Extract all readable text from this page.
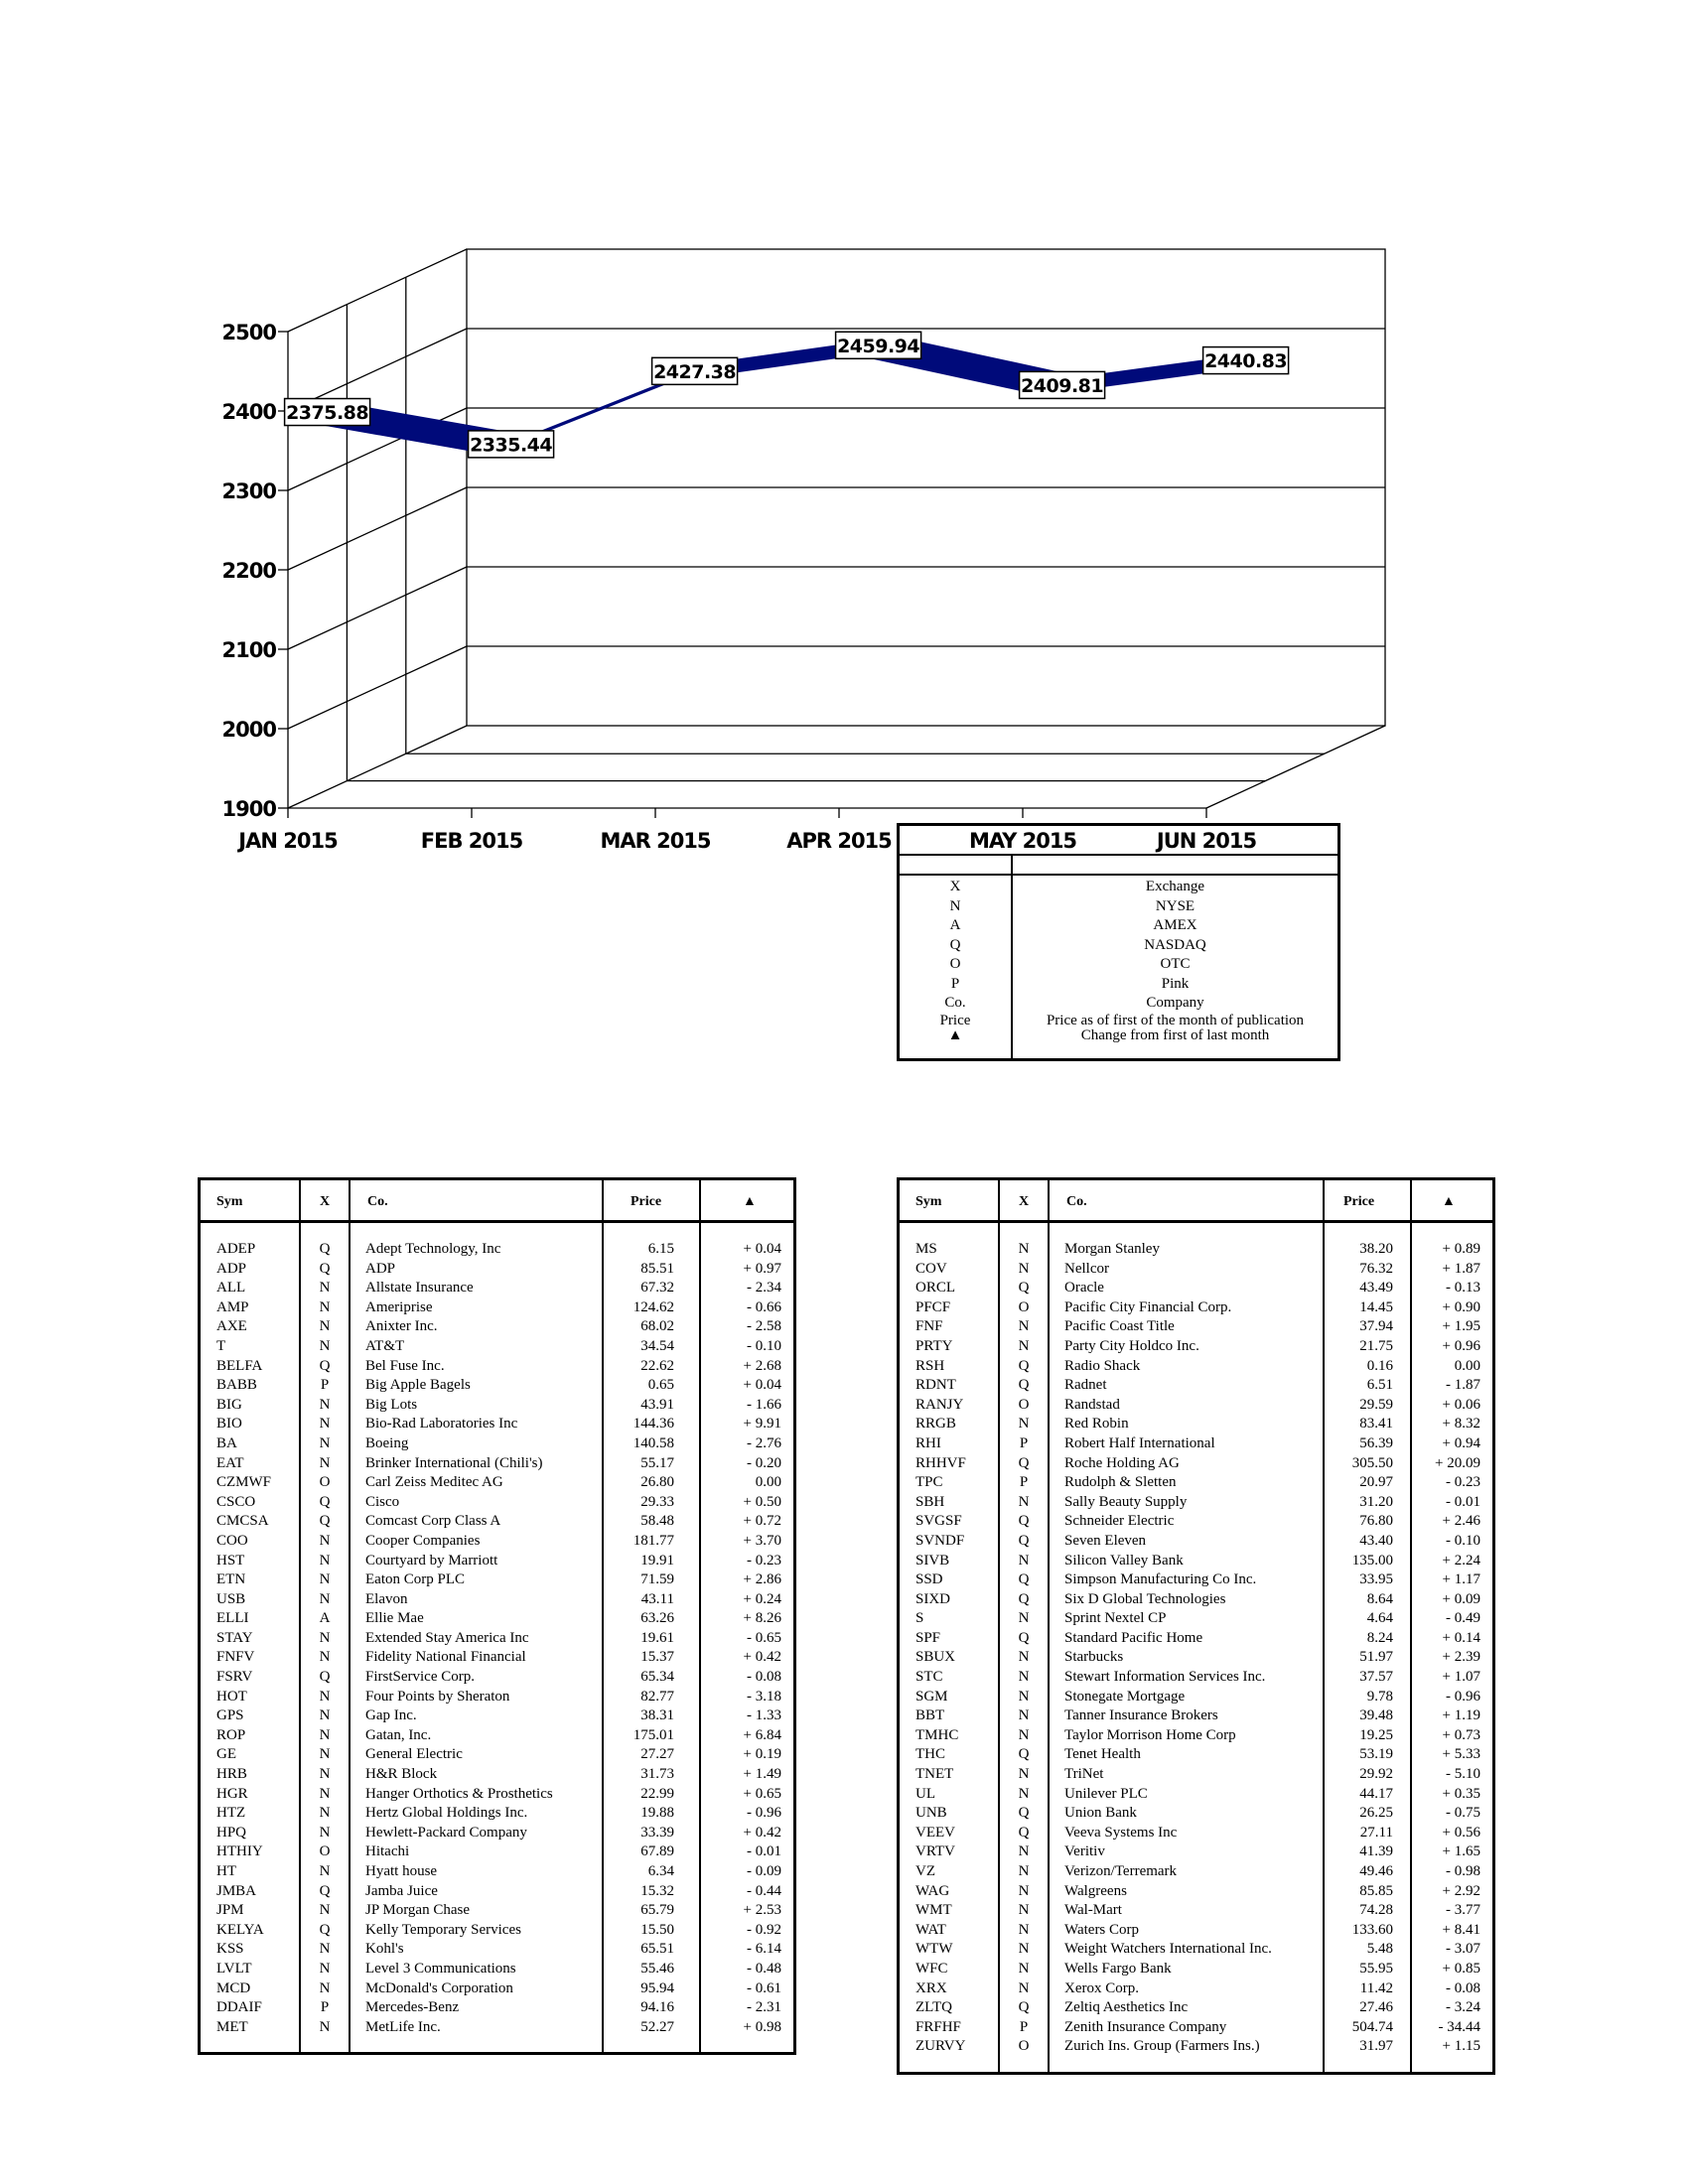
2500
2400
2300
2200
2100
2000
1900
JAN 2015	FEB 2015	MAR 2015	APR 2015	MAY 2015	JUN 2015
2375.88
2335.44
2427.38
2459.94
2409.81
2440.83
X	Exchange
N	NYSE
A	AMEX
Q	NASDAQ
O	OTC
P	Pink
Co.	Company
Price	Price as of first of the month of publication
▲	Change from first of last month
Sym	X	Co.	Price	▲
ADEP	Q	Adept Technology, Inc	6.15	+ 0.04
ADP	Q	ADP	85.51	+ 0.97
ALL	N	Allstate Insurance	67.32	- 2.34
AMP	N	Ameriprise	124.62	- 0.66
AXE	N	Anixter Inc.	68.02	- 2.58
T	N	AT&T	34.54	- 0.10
BELFA	Q	Bel Fuse Inc.	22.62	+ 2.68
BABB	P	Big Apple Bagels	0.65	+ 0.04
BIG	N	Big Lots	43.91	- 1.66
BIO	N	Bio-Rad Laboratories Inc	144.36	+ 9.91
BA	N	Boeing	140.58	- 2.76
EAT	N	Brinker International (Chili's)	55.17	- 0.20
CZMWF	O	Carl Zeiss Meditec AG	26.80	0.00
CSCO	Q	Cisco	29.33	+ 0.50
CMCSA	Q	Comcast Corp Class A	58.48	+ 0.72
COO	N	Cooper Companies	181.77	+ 3.70
HST	N	Courtyard by Marriott	19.91	- 0.23
ETN	N	Eaton Corp PLC	71.59	+ 2.86
USB	N	Elavon	43.11	+ 0.24
ELLI	A	Ellie Mae	63.26	+ 8.26
STAY	N	Extended Stay America Inc	19.61	- 0.65
FNFV	N	Fidelity National Financial	15.37	+ 0.42
FSRV	Q	FirstService Corp.	65.34	- 0.08
HOT	N	Four Points by Sheraton	82.77	- 3.18
GPS	N	Gap Inc.	38.31	- 1.33
ROP	N	Gatan, Inc.	175.01	+ 6.84
GE	N	General Electric	27.27	+ 0.19
HRB	N	H&R Block	31.73	+ 1.49
HGR	N	Hanger Orthotics & Prosthetics	22.99	+ 0.65
HTZ	N	Hertz Global Holdings Inc.	19.88	- 0.96
HPQ	N	Hewlett-Packard Company	33.39	+ 0.42
HTHIY	O	Hitachi	67.89	- 0.01
HT	N	Hyatt house	6.34	- 0.09
JMBA	Q	Jamba Juice	15.32	- 0.44
JPM	N	JP Morgan Chase	65.79	+ 2.53
KELYA	Q	Kelly Temporary Services	15.50	- 0.92
KSS	N	Kohl's	65.51	- 6.14
LVLT	N	Level 3 Communications	55.46	- 0.48
MCD	N	McDonald's Corporation	95.94	- 0.61
DDAIF	P	Mercedes-Benz	94.16	- 2.31
MET	N	MetLife Inc.	52.27	+ 0.98
Sym	X	Co.	Price	▲
MS	N	Morgan Stanley	38.20	+ 0.89
COV	N	Nellcor	76.32	+ 1.87
ORCL	Q	Oracle	43.49	- 0.13
PFCF	O	Pacific City Financial Corp.	14.45	+ 0.90
FNF	N	Pacific Coast Title	37.94	+ 1.95
PRTY	N	Party City Holdco Inc.	21.75	+ 0.96
RSH	Q	Radio Shack	0.16	0.00
RDNT	Q	Radnet	6.51	- 1.87
RANJY	O	Randstad	29.59	+ 0.06
RRGB	N	Red Robin	83.41	+ 8.32
RHI	P	Robert Half International	56.39	+ 0.94
RHHVF	Q	Roche Holding AG	305.50	+ 20.09
TPC	P	Rudolph & Sletten	20.97	- 0.23
SBH	N	Sally Beauty Supply	31.20	- 0.01
SVGSF	Q	Schneider Electric	76.80	+ 2.46
SVNDF	Q	Seven Eleven	43.40	- 0.10
SIVB	N	Silicon Valley Bank	135.00	+ 2.24
SSD	Q	Simpson Manufacturing Co Inc.	33.95	+ 1.17
SIXD	Q	Six D Global Technologies	8.64	+ 0.09
S	N	Sprint Nextel CP	4.64	- 0.49
SPF	Q	Standard Pacific Home	8.24	+ 0.14
SBUX	N	Starbucks	51.97	+ 2.39
STC	N	Stewart Information Services Inc.	37.57	+ 1.07
SGM	N	Stonegate Mortgage	9.78	- 0.96
BBT	N	Tanner Insurance Brokers	39.48	+ 1.19
TMHC	N	Taylor Morrison Home Corp	19.25	+ 0.73
THC	Q	Tenet Health	53.19	+ 5.33
TNET	N	TriNet	29.92	- 5.10
UL	N	Unilever PLC	44.17	+ 0.35
UNB	Q	Union Bank	26.25	- 0.75
VEEV	Q	Veeva Systems Inc	27.11	+ 0.56
VRTV	N	Veritiv	41.39	+ 1.65
VZ	N	Verizon/Terremark	49.46	- 0.98
WAG	N	Walgreens	85.85	+ 2.92
WMT	N	Wal-Mart	74.28	- 3.77
WAT	N	Waters Corp	133.60	+ 8.41
WTW	N	Weight Watchers International Inc.	5.48	- 3.07
WFC	N	Wells Fargo Bank	55.95	+ 0.85
XRX	N	Xerox Corp.	11.42	- 0.08
ZLTQ	Q	Zeltiq Aesthetics Inc	27.46	- 3.24
FRFHF	P	Zenith Insurance Company	504.74	- 34.44
ZURVY	O	Zurich Ins. Group (Farmers Ins.)	31.97	+ 1.15
